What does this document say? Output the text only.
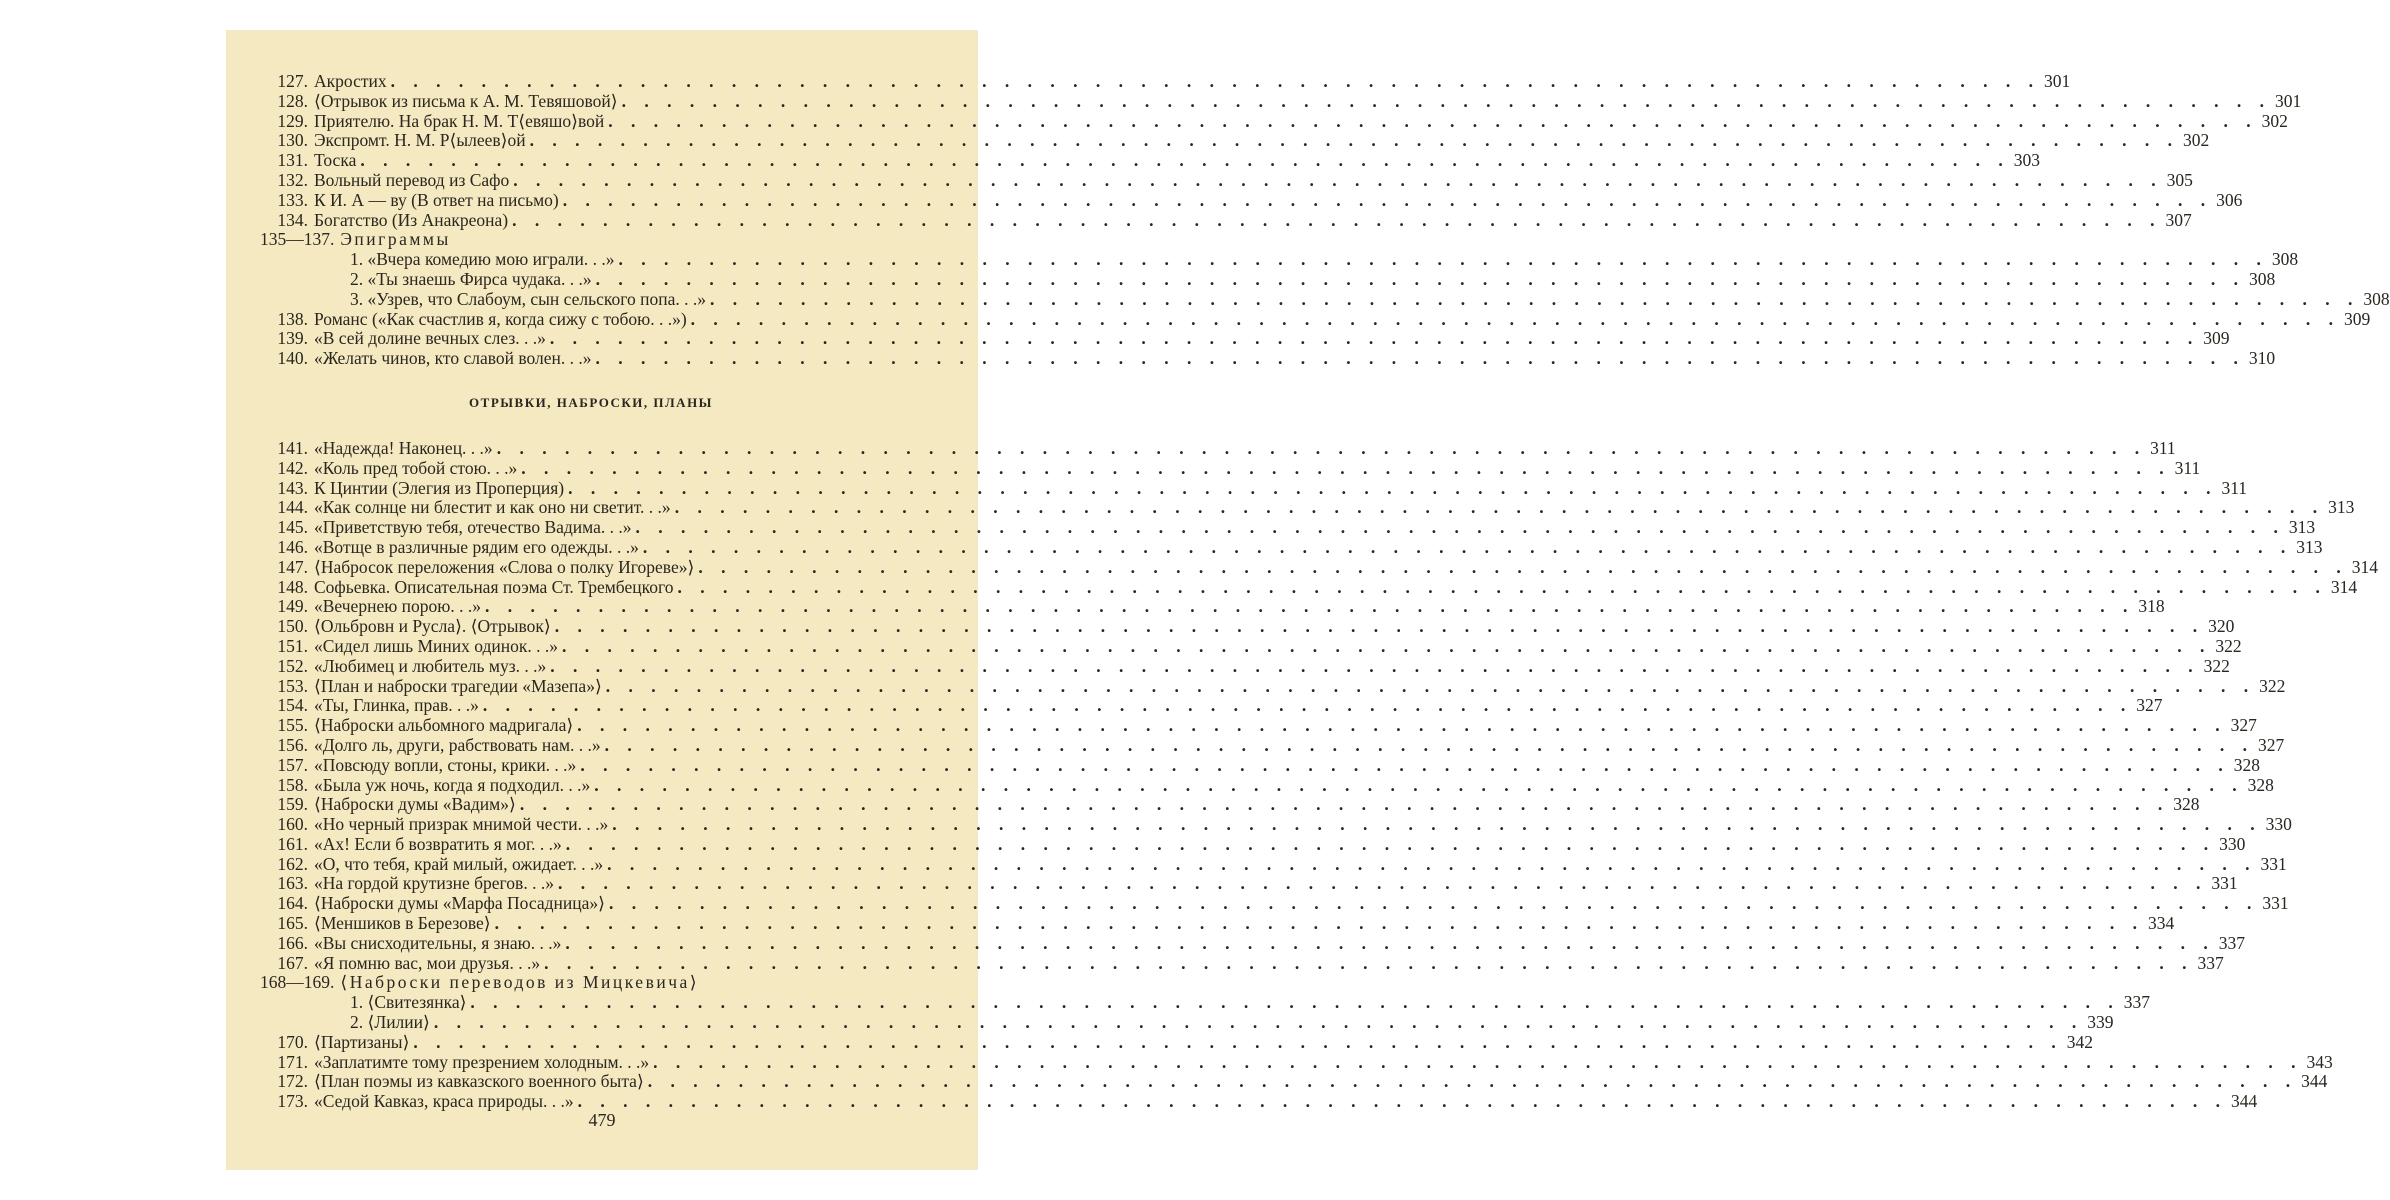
127. Акростих . . .	301
128. ⟨Отрывок из письма к А. М. Тевяшовой⟩ . . .	301
129. Приятелю. На брак Н. М. Т⟨евяшо⟩вой . . .	302
130. Экспромт. Н. М. Р⟨ылеев⟩ой . . .	302
131. Тоска . . .	303
132. Вольный перевод из Сафо . . .	305
133. К И. А — ву (В ответ на письмо) . . .	306
134. Богатство (Из Анакреона) . . .	307
135—137. Эпиграммы
1. «Вчера комедию мою играли. . .» . . .	308
2. «Ты знаешь Фирса чудака. . .» . . .	308
3. «Узрев, что Слабоум, сын сельского попа. . .» . . .	308
138. Романс («Как счастлив я, когда сижу с тобою. . .») . . .	309
139. «В сей долине вечных слез. . .» . . .	309
140. «Желать чинов, кто славой волен. . .» . . .	310
ОТРЫВКИ, НАБРОСКИ, ПЛАНЫ
141. «Надежда! Наконец. . .» . . .	311
142. «Коль пред тобой стою. . .» . . .	311
143. К Цинтии (Элегия из Проперция) . . .	311
144. «Как солнце ни блестит и как оно ни светит. . .» . . .	313
145. «Приветствую тебя, отечество Вадима. . .» . . .	313
146. «Вотще в различные рядим его одежды. . .» . . .	313
147. ⟨Набросок переложения «Слова о полку Игореве»⟩ . . .	314
148. Софьевка. Описательная поэма Ст. Трембецкого . . .	314
149. «Вечернею порою. . .» . . .	318
150. ⟨Ольбровн и Русла⟩. ⟨Отрывок⟩ . . .	320
151. «Сидел лишь Миних одинок. . .» . . .	322
152. «Любимец и любитель муз. . .» . . .	322
153. ⟨План и наброски трагедии «Мазепа»⟩ . . .	322
154. «Ты, Глинка, прав. . .» . . .	327
155. ⟨Наброски альбомного мадригала⟩ . . .	327
156. «Долго ль, други, рабствовать нам. . .» . . .	327
157. «Повсюду вопли, стоны, крики. . .» . . .	328
158. «Была уж ночь, когда я подходил. . .» . . .	328
159. ⟨Наброски думы «Вадим»⟩ . . .	328
160. «Но черный призрак мнимой чести. . .» . . .	330
161. «Ах! Если б возвратить я мог. . .» . . .	330
162. «О, что тебя, край милый, ожидает. . .» . . .	331
163. «На гордой крутизне брегов. . .» . . .	331
164. ⟨Наброски думы «Марфа Посадница»⟩ . . .	331
165. ⟨Меншиков в Березове⟩ . . .	334
166. «Вы снисходительны, я знаю. . .» . . .	337
167. «Я помню вас, мои друзья. . .» . . .	337
168—169. ⟨Наброски переводов из Мицкевича⟩
1. ⟨Свитезянка⟩ . . .	337
2. ⟨Лилии⟩ . . .	339
170. ⟨Партизаны⟩ . . .	342
171. «Заплатимте тому презрением холодным. . .» . . .	343
172. ⟨План поэмы из кавказского военного быта⟩ . . .	344
173. «Седой Кавказ, краса природы. . .» . . .	344
479
